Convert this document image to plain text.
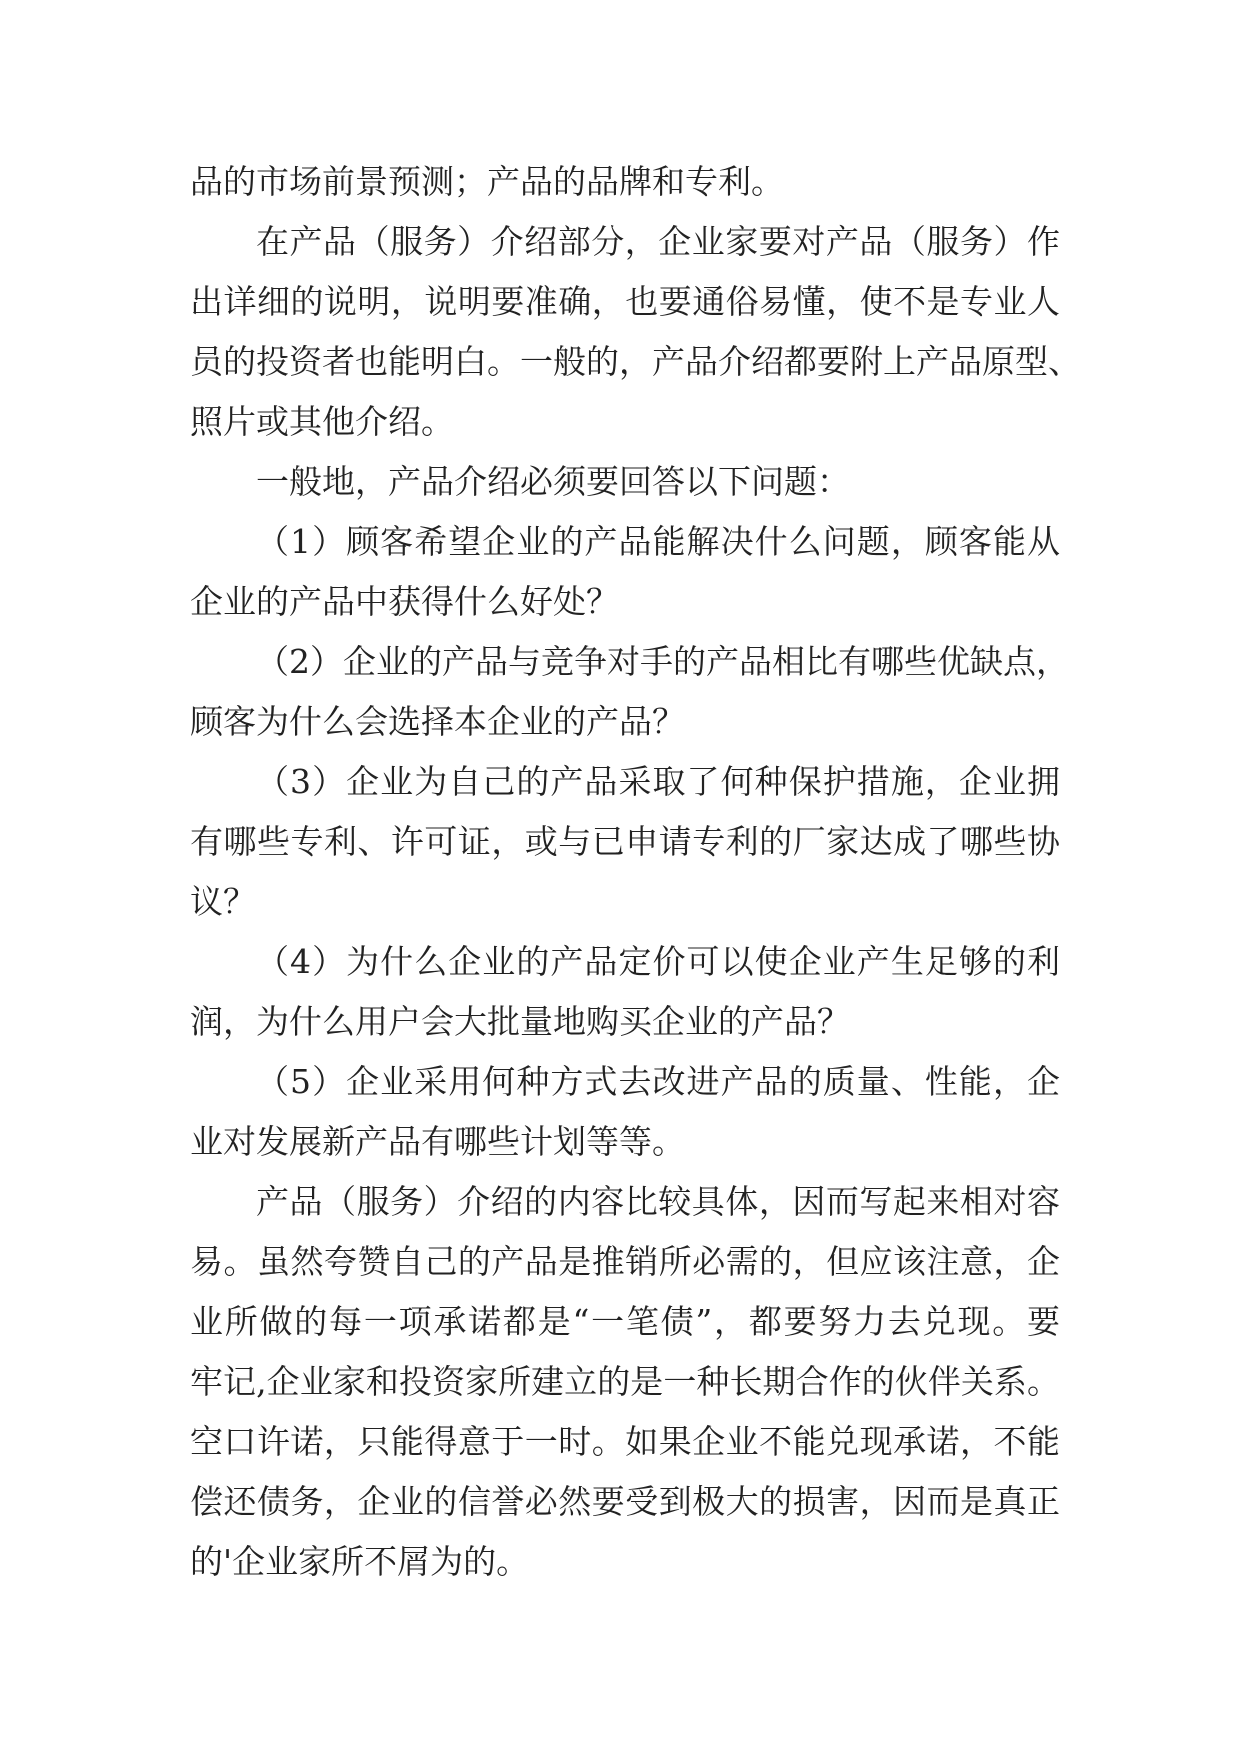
品的市场前景预测；产品的品牌和专利。
在产品（服务）介绍部分，企业家要对产品（服务）作
出详细的说明，说明要准确，也要通俗易懂，使不是专业人
员的投资者也能明白。一般的，产品介绍都要附上产品原型、
照片或其他介绍。
一般地，产品介绍必须要回答以下问题：
（1）顾客希望企业的产品能解决什么问题，顾客能从
企业的产品中获得什么好处？
（2）企业的产品与竞争对手的产品相比有哪些优缺点，
顾客为什么会选择本企业的产品？
（3）企业为自己的产品采取了何种保护措施，企业拥
有哪些专利、许可证，或与已申请专利的厂家达成了哪些协
议？
（4）为什么企业的产品定价可以使企业产生足够的利
润，为什么用户会大批量地购买企业的产品？
（5）企业采用何种方式去改进产品的质量、性能，企
业对发展新产品有哪些计划等等。
产品（服务）介绍的内容比较具体，因而写起来相对容
易。虽然夸赞自己的产品是推销所必需的，但应该注意，企
业所做的每一项承诺都是“一笔债”，都要努力去兑现。要
牢记,企业家和投资家所建立的是一种长期合作的伙伴关系。
空口许诺，只能得意于一时。如果企业不能兑现承诺，不能
偿还债务，企业的信誉必然要受到极大的损害，因而是真正
的'企业家所不屑为的。
